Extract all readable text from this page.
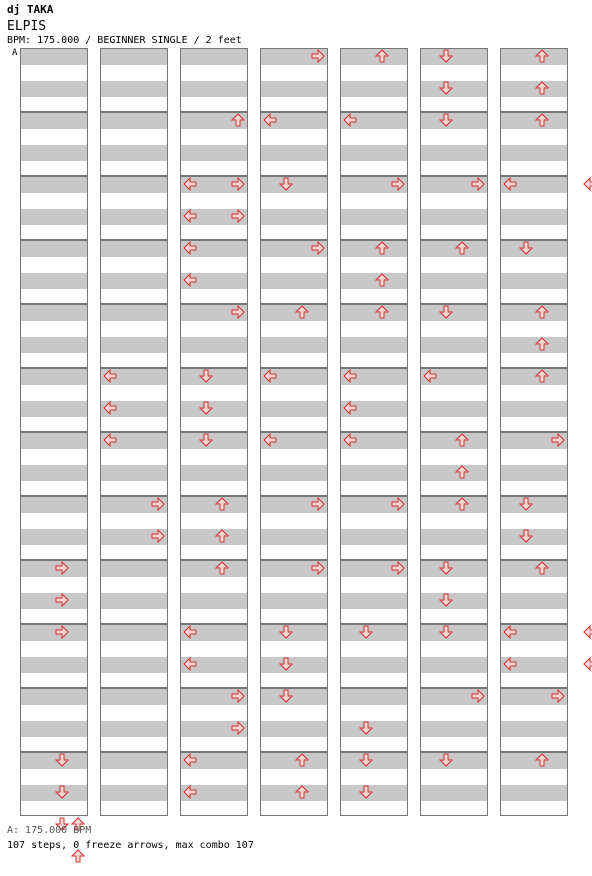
dj TAKA
ELPIS
BPM: 175.000 / BEGINNER SINGLE / 2 feet
A
A: 175.000 BPM
107 steps, 0 freeze arrows, max combo 107
